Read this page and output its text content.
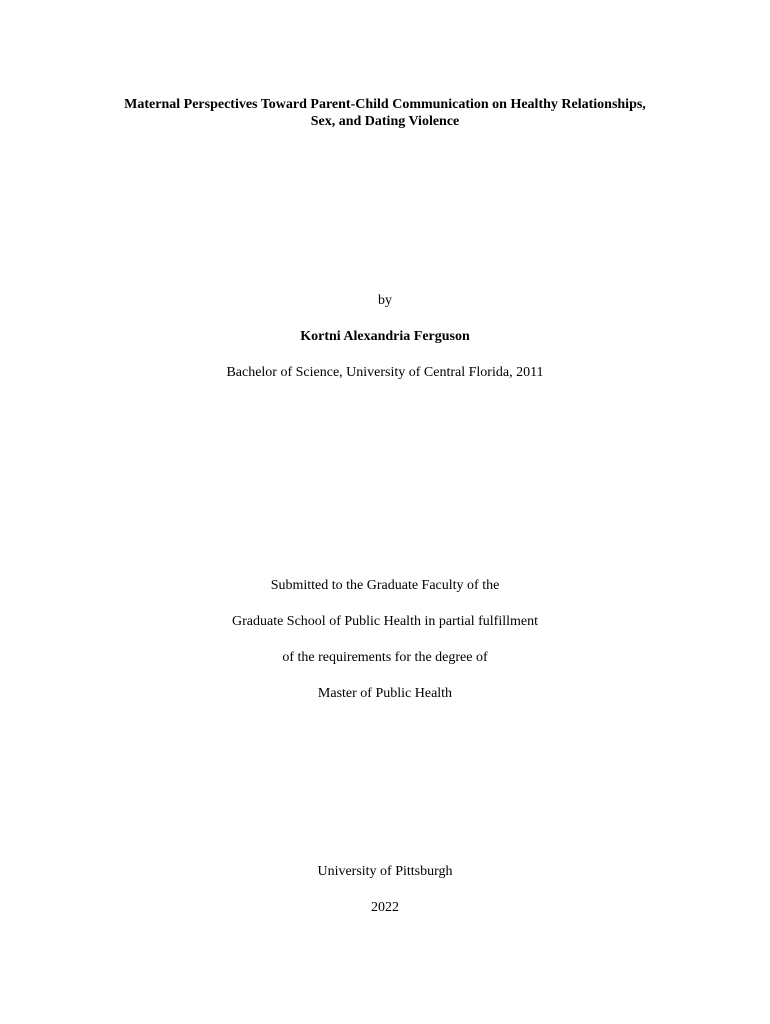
Maternal Perspectives Toward Parent-Child Communication on Healthy Relationships,
Sex, and Dating Violence
by
Kortni Alexandria Ferguson
Bachelor of Science, University of Central Florida, 2011
Submitted to the Graduate Faculty of the
Graduate School of Public Health in partial fulfillment
of the requirements for the degree of
Master of Public Health
University of Pittsburgh
2022
